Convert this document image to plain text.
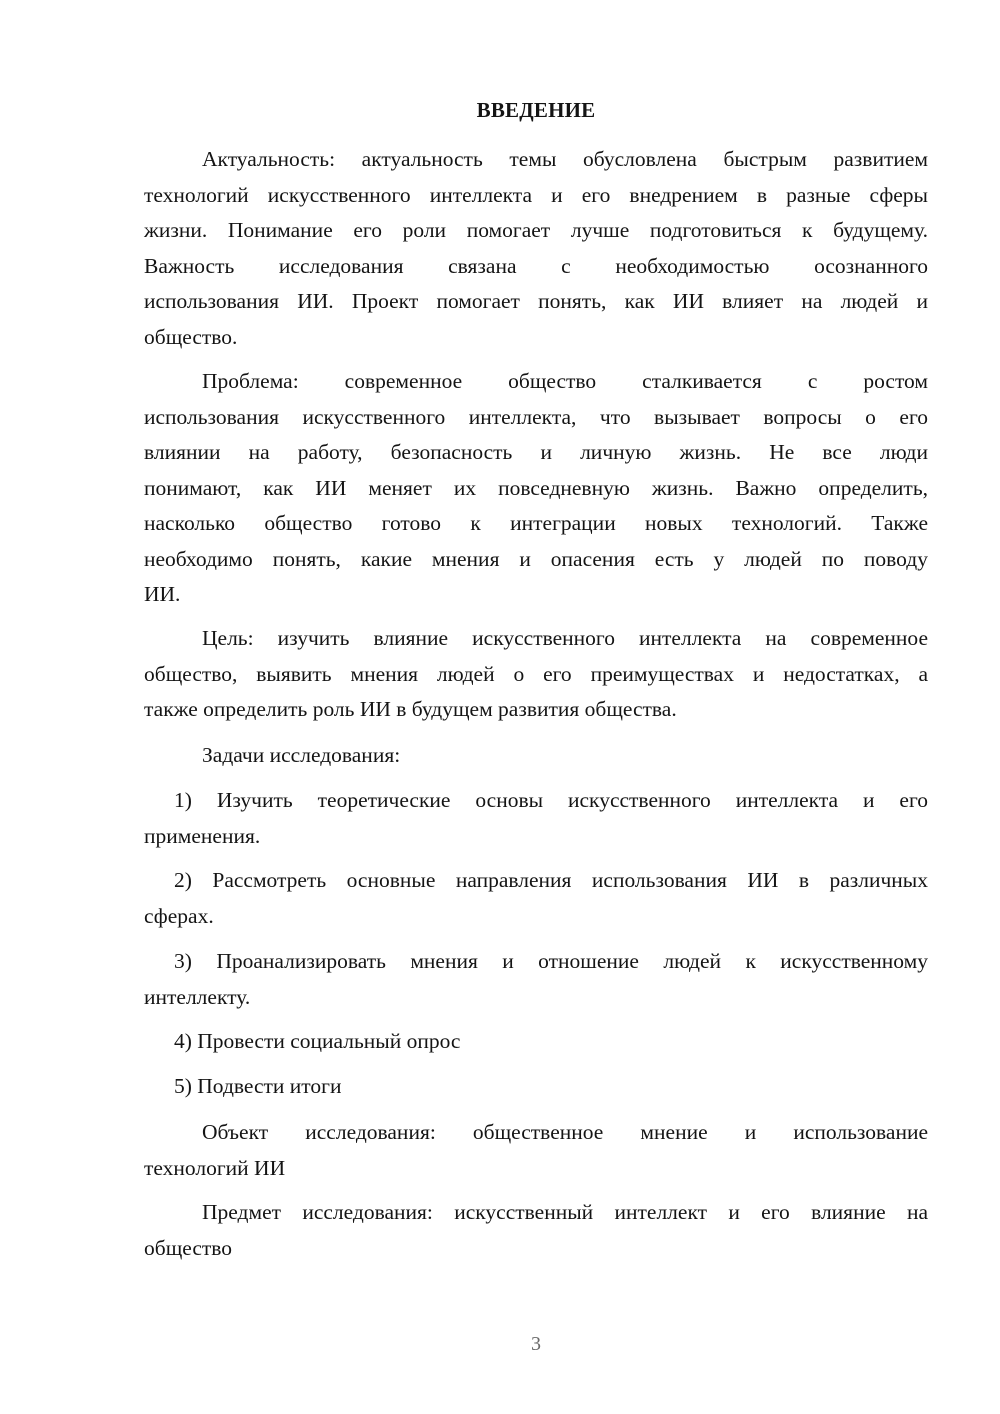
ВВЕДЕНИЕ
Актуальность: актуальность темы обусловлена быстрым развитием
технологий искусственного интеллекта и его внедрением в разные сферы
жизни. Понимание его роли помогает лучше подготовиться к будущему.
Важность исследования связана с необходимостью осознанного
использования ИИ. Проект помогает понять, как ИИ влияет на людей и
общество.
Проблема: современное общество сталкивается с ростом
использования искусственного интеллекта, что вызывает вопросы о его
влиянии на работу, безопасность и личную жизнь. Не все люди
понимают, как ИИ меняет их повседневную жизнь. Важно определить,
насколько общество готово к интеграции новых технологий. Также
необходимо понять, какие мнения и опасения есть у людей по поводу
ИИ.
Цель: изучить влияние искусственного интеллекта на современное
общество, выявить мнения людей о его преимуществах и недостатках, а
также определить роль ИИ в будущем развития общества.
Задачи исследования:
1) Изучить теоретические основы искусственного интеллекта и его
применения.
2) Рассмотреть основные направления использования ИИ в различных
сферах.
3) Проанализировать мнения и отношение людей к искусственному
интеллекту.
4) Провести социальный опрос
5) Подвести итоги
Объект исследования: общественное мнение и использование
технологий ИИ
Предмет исследования: искусственный интеллект и его влияние на
общество
3
